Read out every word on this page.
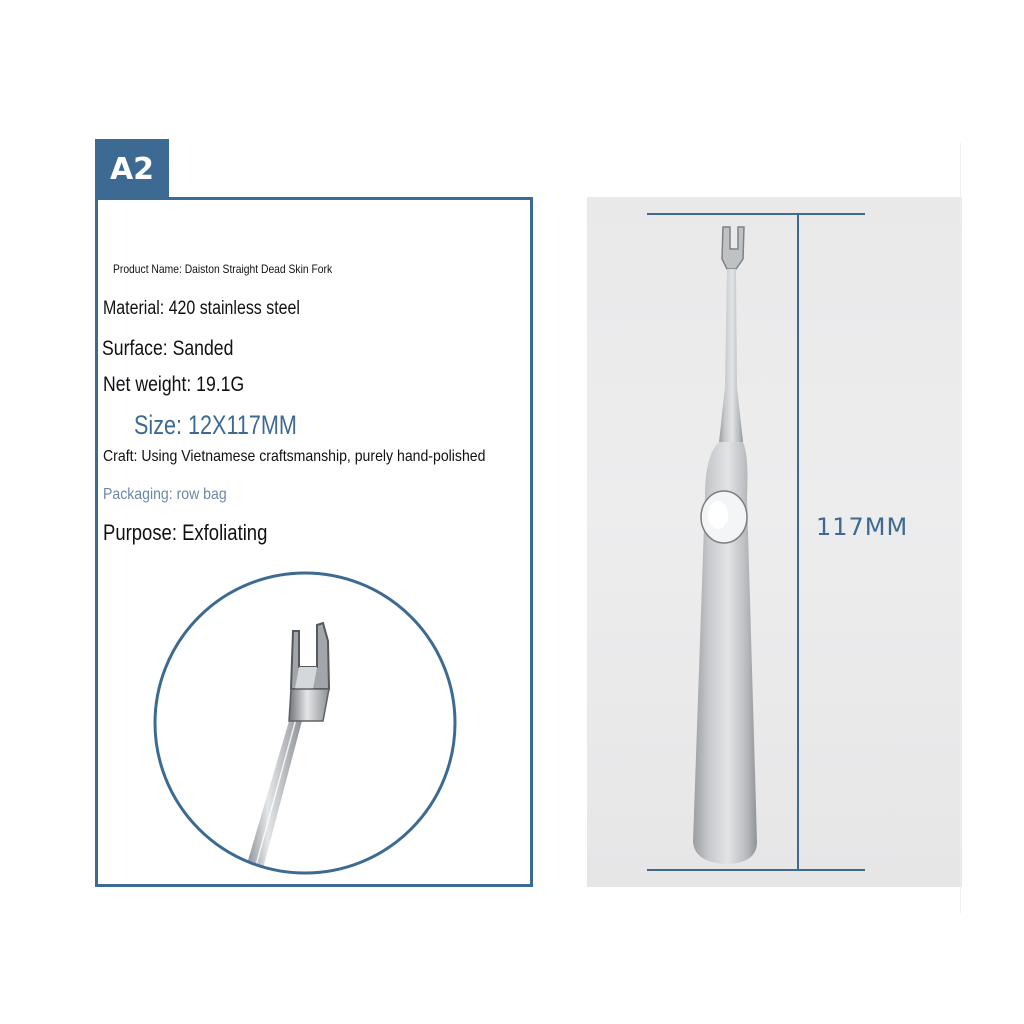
A2
Product Name: Daiston Straight Dead Skin Fork
Material: 420 stainless steel
Surface: Sanded
Net weight: 19.1G
Size: 12X117MM
Craft: Using Vietnamese craftsmanship, purely hand-polished
Packaging: row bag
Purpose: Exfoliating	117MM
